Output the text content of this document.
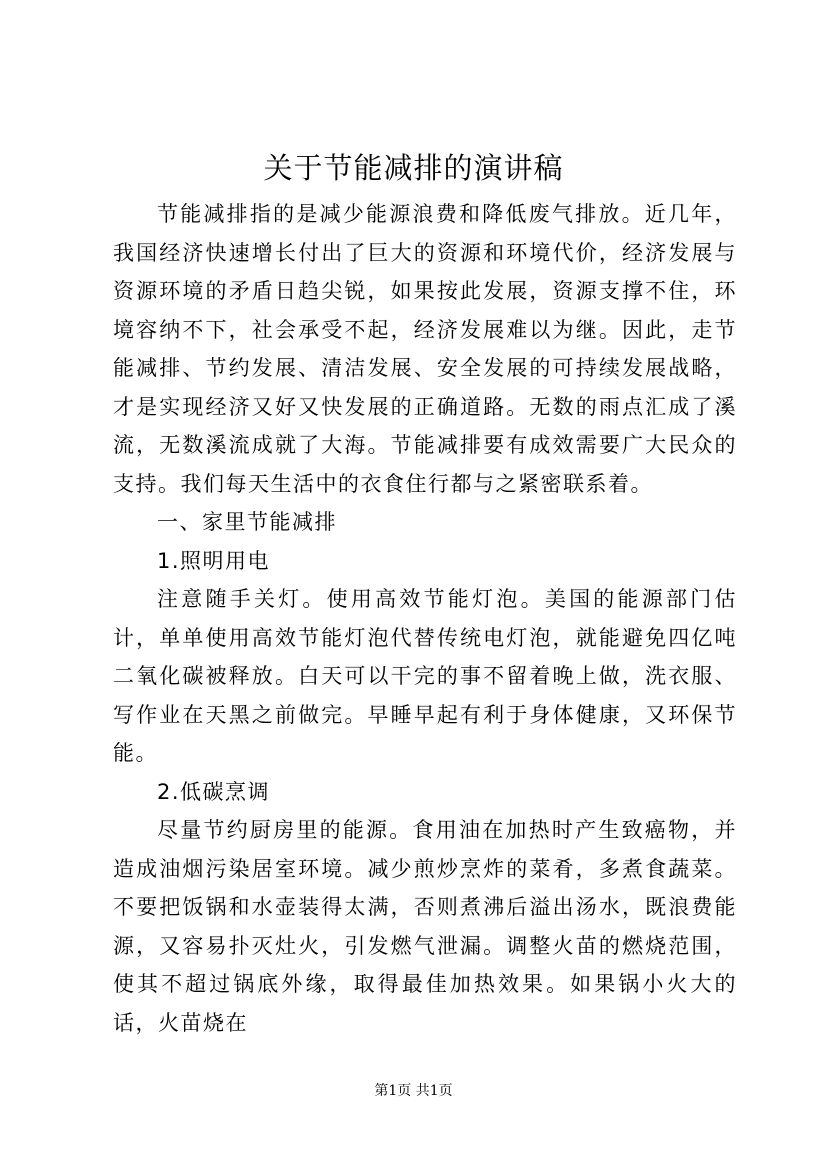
关于节能减排的演讲稿

节能减排指的是减少能源浪费和降低废气排放。近几年，我国经济快速增长付出了巨大的资源和环境代价，经济发展与资源环境的矛盾日趋尖锐，如果按此发展，资源支撑不住，环境容纳不下，社会承受不起，经济发展难以为继。因此，走节能减排、节约发展、清洁发展、安全发展的可持续发展战略，才是实现经济又好又快发展的正确道路。无数的雨点汇成了溪流，无数溪流成就了大海。节能减排要有成效需要广大民众的支持。我们每天生活中的衣食住行都与之紧密联系着。

一、家里节能减排

1.照明用电

注意随手关灯。使用高效节能灯泡。美国的能源部门估计，单单使用高效节能灯泡代替传统电灯泡，就能避免四亿吨二氧化碳被释放。白天可以干完的事不留着晚上做，洗衣服、写作业在天黑之前做完。早睡早起有利于身体健康，又环保节能。

2.低碳烹调

尽量节约厨房里的能源。食用油在加热时产生致癌物，并造成油烟污染居室环境。减少煎炒烹炸的菜肴，多煮食蔬菜。不要把饭锅和水壶装得太满，否则煮沸后溢出汤水，既浪费能源，又容易扑灭灶火，引发燃气泄漏。调整火苗的燃烧范围，使其不超过锅底外缘，取得最佳加热效果。如果锅小火大的话，火苗烧在

第1页 共1页
